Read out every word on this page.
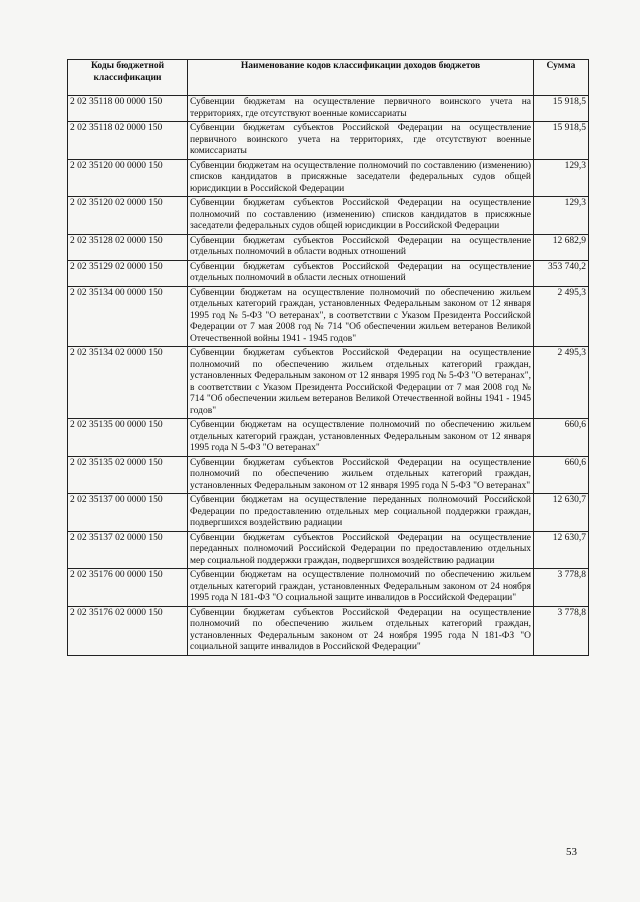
Коды бюджетной классификации	Наименование кодов классификации доходов бюджетов	Сумма
2 02 35118 00 0000 150	Субвенции бюджетам на осуществление первичного воинского учета на территориях, где отсутствуют военные комиссариаты	15 918,5
2 02 35118 02 0000 150	Субвенции бюджетам субъектов Российской Федерации на осуществление первичного воинского учета на территориях, где отсутствуют военные комиссариаты	15 918,5
2 02 35120 00 0000 150	Субвенции бюджетам на осуществление полномочий по составлению (изменению) списков кандидатов в присяжные заседатели федеральных судов общей юрисдикции в Российской Федерации	129,3
2 02 35120 02 0000 150	Субвенции бюджетам субъектов Российской Федерации на осуществление полномочий по составлению (изменению) списков кандидатов в присяжные заседатели федеральных судов общей юрисдикции в Российской Федерации	129,3
2 02 35128 02 0000 150	Субвенции бюджетам субъектов Российской Федерации на осуществление отдельных полномочий в области водных отношений	12 682,9
2 02 35129 02 0000 150	Субвенции бюджетам субъектов Российской Федерации на осуществление отдельных полномочий в области лесных отношений	353 740,2
2 02 35134 00 0000 150	Субвенции бюджетам на осуществление полномочий по обеспечению жильем отдельных категорий граждан, установленных Федеральным законом от 12 января 1995 год № 5-ФЗ "О ветеранах", в соответствии с Указом Президента Российской Федерации от 7 мая 2008 год № 714 "Об обеспечении жильем ветеранов Великой Отечественной войны 1941 - 1945 годов"	2 495,3
2 02 35134 02 0000 150	Субвенции бюджетам субъектов Российской Федерации на осуществление полномочий по обеспечению жильем отдельных категорий граждан, установленных Федеральным законом от 12 января 1995 год № 5-ФЗ "О ветеранах", в соответствии с Указом Президента Российской Федерации от 7 мая 2008 год № 714 "Об обеспечении жильем ветеранов Великой Отечественной войны 1941 - 1945 годов"	2 495,3
2 02 35135 00 0000 150	Субвенции бюджетам на осуществление полномочий по обеспечению жильем отдельных категорий граждан, установленных Федеральным законом от 12 января 1995 года N 5-ФЗ "О ветеранах"	660,6
2 02 35135 02 0000 150	Субвенции бюджетам субъектов Российской Федерации на осуществление полномочий по обеспечению жильем отдельных категорий граждан, установленных Федеральным законом от 12 января 1995 года N 5-ФЗ "О ветеранах"	660,6
2 02 35137 00 0000 150	Субвенции бюджетам на осуществление переданных полномочий Российской Федерации по предоставлению отдельных мер социальной поддержки граждан, подвергшихся воздействию радиации	12 630,7
2 02 35137 02 0000 150	Субвенции бюджетам субъектов Российской Федерации на осуществление переданных полномочий Российской Федерации по предоставлению отдельных мер социальной поддержки граждан, подвергшихся воздействию радиации	12 630,7
2 02 35176 00 0000 150	Субвенции бюджетам на осуществление полномочий по обеспечению жильем отдельных категорий граждан, установленных Федеральным законом от 24 ноября 1995 года N 181-ФЗ "О социальной защите инвалидов в Российской Федерации"	3 778,8
2 02 35176 02 0000 150	Субвенции бюджетам субъектов Российской Федерации на осуществление полномочий по обеспечению жильем отдельных категорий граждан, установленных Федеральным законом от 24 ноября 1995 года N 181-ФЗ "О социальной защите инвалидов в Российской Федерации"	3 778,8
53
